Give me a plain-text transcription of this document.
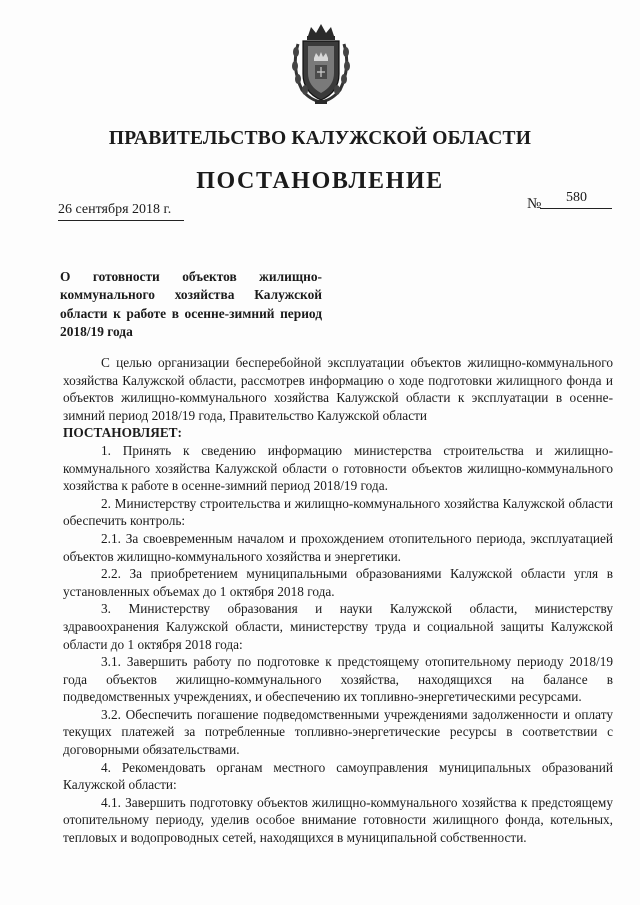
ПРАВИТЕЛЬСТВО КАЛУЖСКОЙ ОБЛАСТИ
ПОСТАНОВЛЕНИЕ
26 сентября 2018 г.	№ 580
О готовности объектов жилищно-коммунального хозяйства Калужской области к работе в осенне-зимний период 2018/19 года

С целью организации бесперебойной эксплуатации объектов жилищно-коммунального хозяйства Калужской области, рассмотрев информацию о ходе подготовки жилищного фонда и объектов жилищно-коммунального хозяйства Калужской области к эксплуатации в осенне-зимний период 2018/19 года, Правительство Калужской области

ПОСТАНОВЛЯЕТ:

1. Принять к сведению информацию министерства строительства и жилищно-коммунального хозяйства Калужской области о готовности объектов жилищно-коммунального хозяйства к работе в осенне-зимний период 2018/19 года.

2. Министерству строительства и жилищно-коммунального хозяйства Калужской области обеспечить контроль:

2.1. За своевременным началом и прохождением отопительного периода, эксплуатацией объектов жилищно-коммунального хозяйства и энергетики.

2.2. За приобретением муниципальными образованиями Калужской области угля в установленных объемах до 1 октября 2018 года.

3. Министерству образования и науки Калужской области, министерству здравоохранения Калужской области, министерству труда и социальной защиты Калужской области до 1 октября 2018 года:

3.1. Завершить работу по подготовке к предстоящему отопительному периоду 2018/19 года объектов жилищно-коммунального хозяйства, находящихся на балансе в подведомственных учреждениях, и обеспечению их топливно-энергетическими ресурсами.

3.2. Обеспечить погашение подведомственными учреждениями задолженности и оплату текущих платежей за потребленные топливно-энергетические ресурсы в соответствии с договорными обязательствами.

4. Рекомендовать органам местного самоуправления муниципальных образований Калужской области:

4.1. Завершить подготовку объектов жилищно-коммунального хозяйства к предстоящему отопительному периоду, уделив особое внимание готовности жилищного фонда, котельных, тепловых и водопроводных сетей, находящихся в муниципальной собственности.
